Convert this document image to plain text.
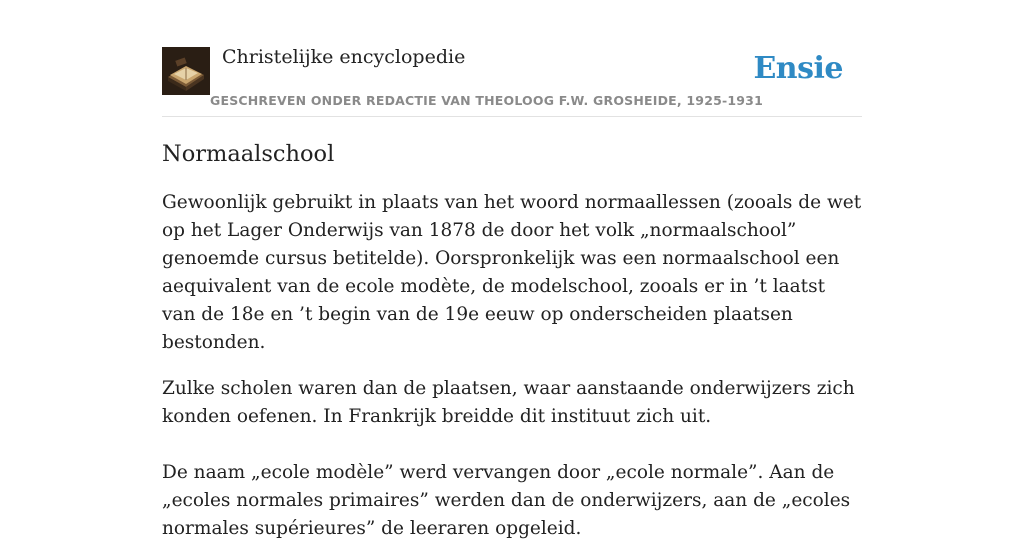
Christelijke encyclopedie
GESCHREVEN ONDER REDACTIE VAN THEOLOOG F.W. GROSHEIDE, 1925-1931
Ensie
Normaalschool

Gewoonlijk gebruikt in plaats van het woord normaallessen (zooals de wet op het Lager Onderwijs van 1878 de door het volk „normaalschool” genoemde cursus betitelde). Oorspronkelijk was een normaalschool een aequivalent van de ecole modète, de modelschool, zooals er in ’t laatst van de 18e en ’t begin van de 19e eeuw op onderscheiden plaatsen bestonden.

Zulke scholen waren dan de plaatsen, waar aanstaande onderwijzers zich konden oefenen. In Frankrijk breidde dit instituut zich uit.

De naam „ecole modèle” werd vervangen door „ecole normale”. Aan de „ecoles normales primaires” werden dan de onderwijzers, aan de „ecoles normales supérieures” de leeraren opgeleid.
